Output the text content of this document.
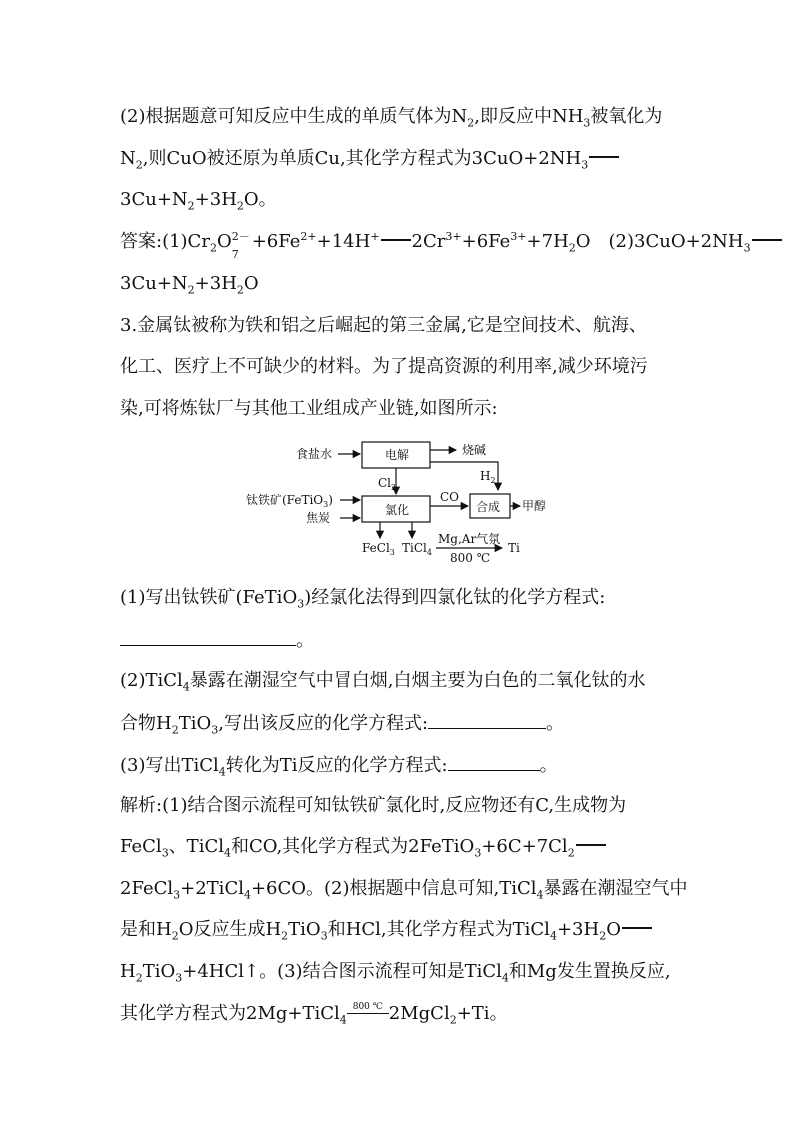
(2)根据题意可知反应中生成的单质气体为$N_2$,即反应中$NH_3$被氧化为
$N_2$,则CuO被还原为单质Cu,其化学方程式为$3CuO+2NH_3$
$3Cu+N_2+3H_2O$。
答案$:(1)Cr_2O$ 2－
7
$+6Fe^{2+}+14H^+$ $2Cr^{3+}+6Fe^{3+}+7H_2O$　$(2)3CuO+2NH_3$
$3Cu+N_2+3H_2O$
3.金属钛被称为铁和铝之后崛起的第三金属,它是空间技术、航海、
化工、医疗上不可缺少的材料。为了提高资源的利用率,减少环境污
染,可将炼钛厂与其他工业组成产业链,如图所示:
食盐水	电解	烧碱
$H_2$
$Cl_2$
钛铁矿(FeTiO$_3$)
焦炭
氯化
CO
合成 甲醇
FeCl$_3$ TiCl$_4$
Mg,Ar气氛
800 ℃
Ti
(1)写出钛铁矿(FeTiO$_3$)经氯化法得到四氯化钛的化学方程式:
。
(2)TiCl$_4$暴露在潮湿空气中冒白烟,白烟主要为白色的二氧化钛的水
合物$H_2TiO_3$,写出该反应的化学方程式:	。
(3)写出TiCl$_4$转化为Ti反应的化学方程式:	。
解析:(1)结合图示流程可知钛铁矿氯化时,反应物还有C,生成物为
FeCl$_3$、TiCl$_4$和CO,其化学方程式为$2FeTiO_3+6C+7Cl_2$
2FeCl$_3$+2TiCl$_4$+6CO。(2)根据题中信息可知,TiCl$_4$暴露在潮湿空气中
是和$H_2O$反应生成$H_2TiO_3$和HCl,其化学方程式为$TiCl_4+3H_2O$
$H_2TiO_3+4HCl↑$。(3)结合图示流程可知是TiCl$_4$和Mg发生置换反应,
其化学方程式为2Mg+TiCl$_4$
800 ℃ 2MgCl$_2$+Ti。
